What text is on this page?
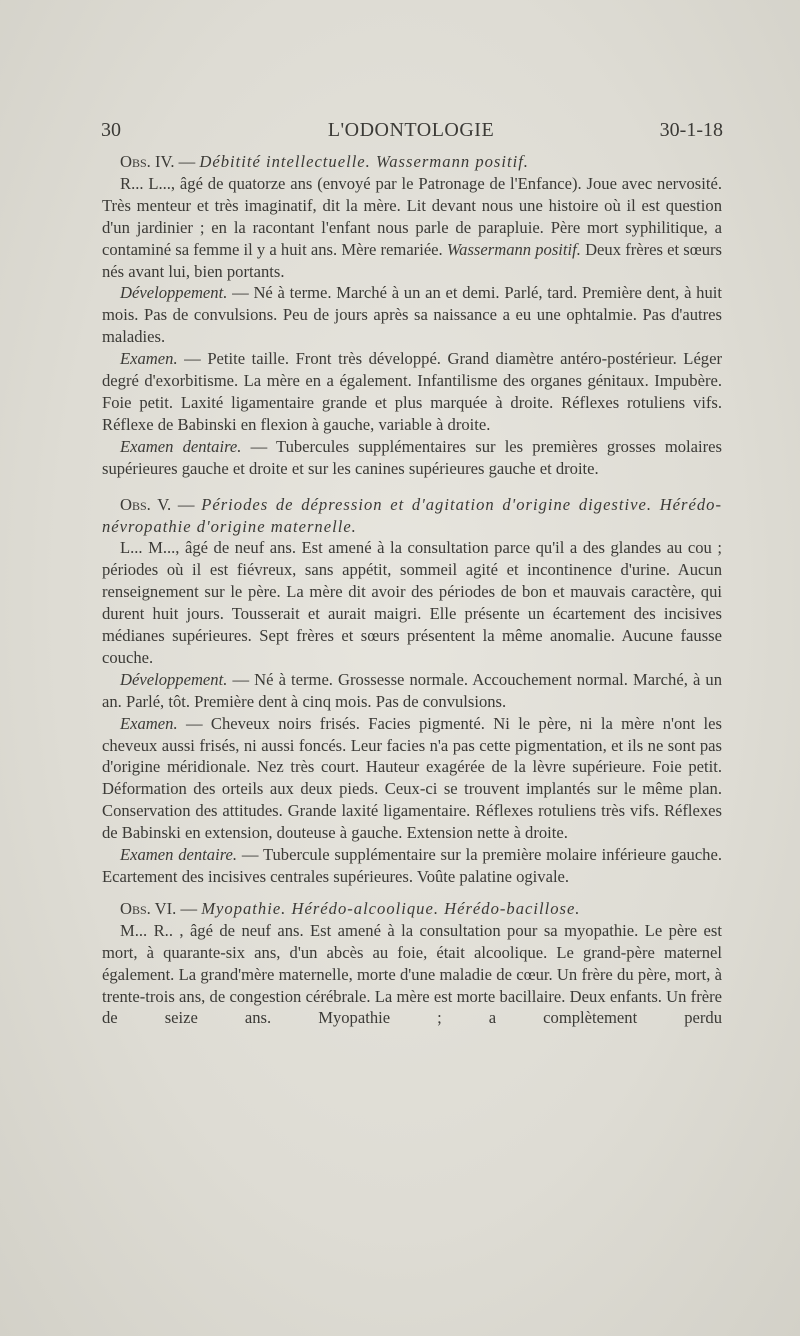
30	L'ODONTOLOGIE	30-1-18

Obs. IV. — Débitité intellectuelle. Wassermann positif.

R... L..., âgé de quatorze ans (envoyé par le Patronage de l'Enfance). Joue avec nervosité. Très menteur et très imaginatif, dit la mère. Lit devant nous une histoire où il est question d'un jardinier ; en la racontant l'enfant nous parle de parapluie. Père mort syphilitique, a contaminé sa femme il y a huit ans. Mère remariée. Wassermann positif. Deux frères et sœurs nés avant lui, bien portants.

Développement. — Né à terme. Marché à un an et demi. Parlé, tard. Première dent, à huit mois. Pas de convulsions. Peu de jours après sa naissance a eu une ophtalmie. Pas d'autres maladies.

Examen. — Petite taille. Front très développé. Grand diamètre antéro-postérieur. Léger degré d'exorbitisme. La mère en a également. Infantilisme des organes génitaux. Impubère. Foie petit. Laxité ligamentaire grande et plus marquée à droite. Réflexes rotuliens vifs. Réflexe de Babinski en flexion à gauche, variable à droite.

Examen dentaire. — Tubercules supplémentaires sur les premières grosses molaires supérieures gauche et droite et sur les canines supérieures gauche et droite.

Obs. V. — Périodes de dépression et d'agitation d'origine digestive. Hérédo-névropathie d'origine maternelle.

L... M..., âgé de neuf ans. Est amené à la consultation parce qu'il a des glandes au cou ; périodes où il est fiévreux, sans appétit, sommeil agité et incontinence d'urine. Aucun renseignement sur le père. La mère dit avoir des périodes de bon et mauvais caractère, qui durent huit jours. Tousserait et aurait maigri. Elle présente un écartement des incisives médianes supérieures. Sept frères et sœurs présentent la même anomalie. Aucune fausse couche.

Développement. — Né à terme. Grossesse normale. Accouchement normal. Marché, à un an. Parlé, tôt. Première dent à cinq mois. Pas de convulsions.

Examen. — Cheveux noirs frisés. Facies pigmenté. Ni le père, ni la mère n'ont les cheveux aussi frisés, ni aussi foncés. Leur facies n'a pas cette pigmentation, et ils ne sont pas d'origine méridionale. Nez très court. Hauteur exagérée de la lèvre supérieure. Foie petit. Déformation des orteils aux deux pieds. Ceux-ci se trouvent implantés sur le même plan. Conservation des attitudes. Grande laxité ligamentaire. Réflexes rotuliens très vifs. Réflexes de Babinski en extension, douteuse à gauche. Extension nette à droite.

Examen dentaire. — Tubercule supplémentaire sur la première molaire inférieure gauche. Ecartement des incisives centrales supérieures. Voûte palatine ogivale.

Obs. VI. — Myopathie. Hérédo-alcoolique. Hérédo-bacillose.

M... R.. , âgé de neuf ans. Est amené à la consultation pour sa myopathie. Le père est mort, à quarante-six ans, d'un abcès au foie, était alcoolique. Le grand-père maternel également. La grand'mère maternelle, morte d'une maladie de cœur. Un frère du père, mort, à trente-trois ans, de congestion cérébrale. La mère est morte bacillaire. Deux enfants. Un frère de seize ans. Myopathie ; a complètement perdu
